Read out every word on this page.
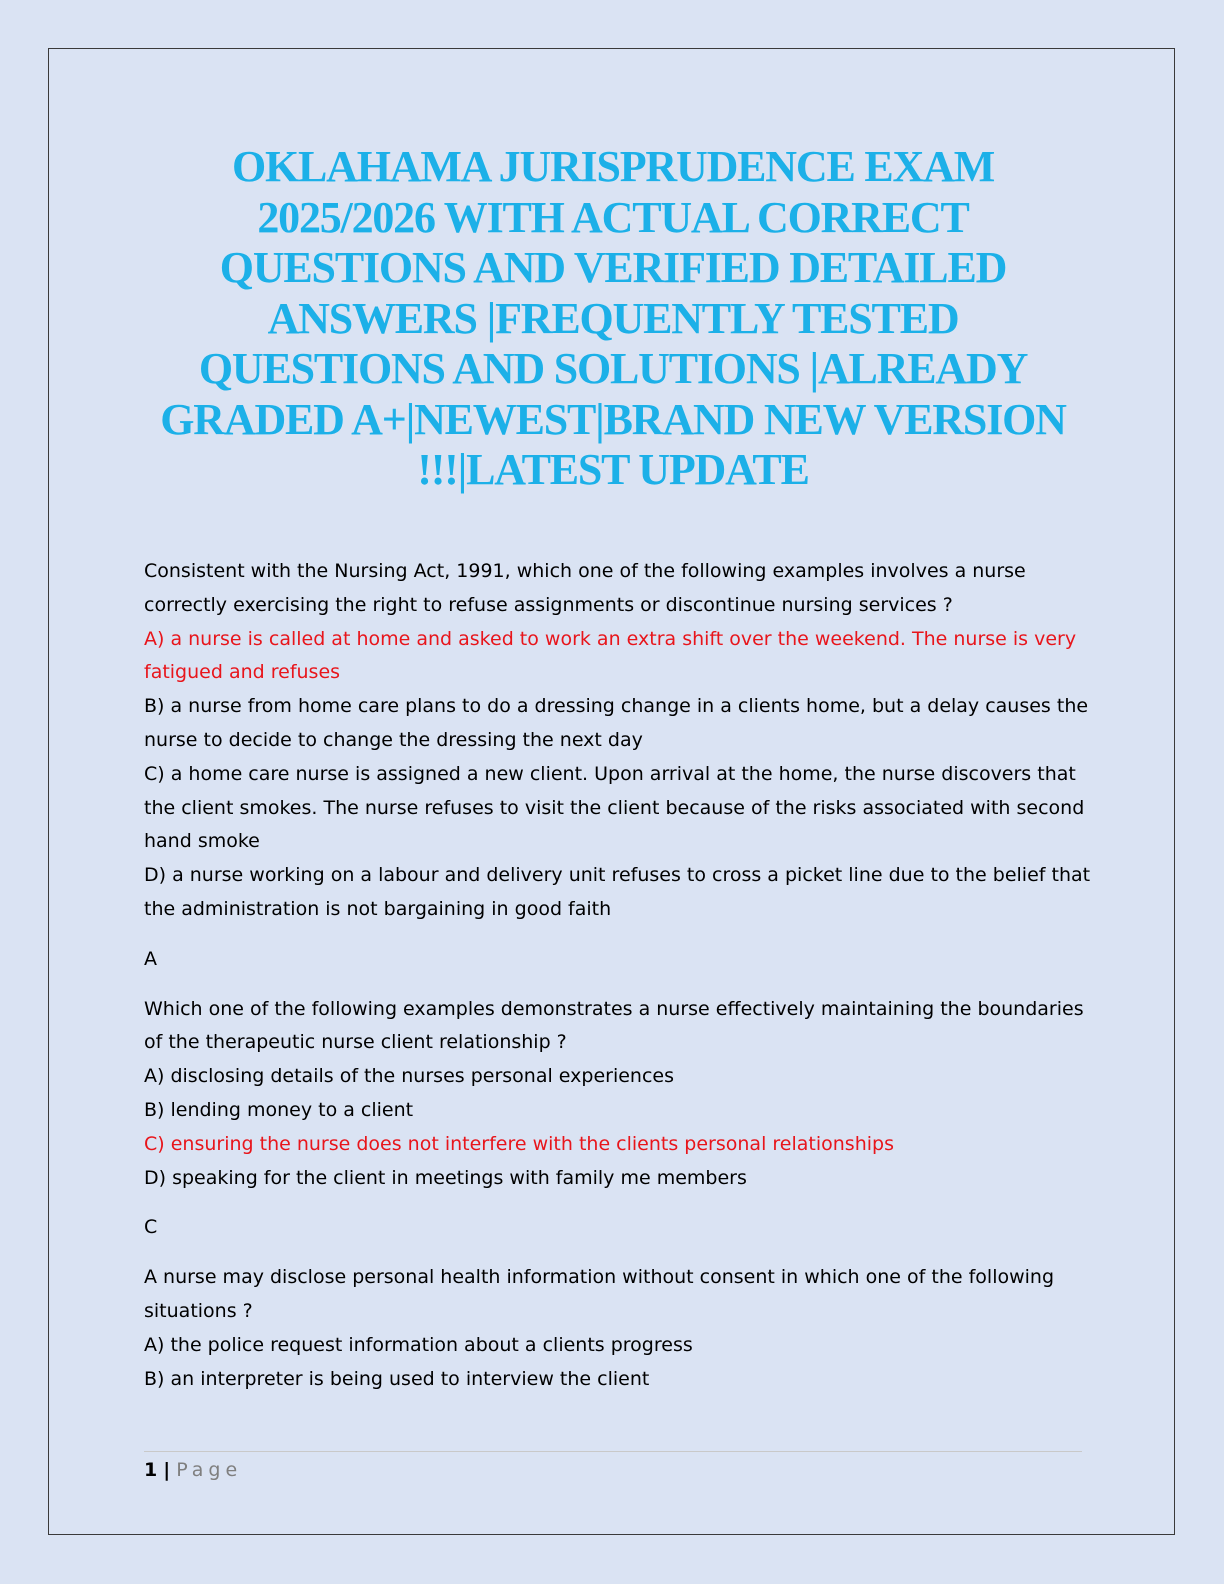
OKLAHAMA JURISPRUDENCE EXAM 2025/2026 WITH ACTUAL CORRECT QUESTIONS AND VERIFIED DETAILED ANSWERS |FREQUENTLY TESTED QUESTIONS AND SOLUTIONS |ALREADY GRADED A+|NEWEST|BRAND NEW VERSION !!!|LATEST UPDATE

Consistent with the Nursing Act, 1991, which one of the following examples involves a nurse correctly exercising the right to refuse assignments or discontinue nursing services ?

A) a nurse is called at home and asked to work an extra shift over the weekend. The nurse is very fatigued and refuses

B) a nurse from home care plans to do a dressing change in a clients home, but a delay causes the nurse to decide to change the dressing the next day

C) a home care nurse is assigned a new client. Upon arrival at the home, the nurse discovers that the client smokes. The nurse refuses to visit the client because of the risks associated with second hand smoke

D) a nurse working on a labour and delivery unit refuses to cross a picket line due to the belief that the administration is not bargaining in good faith

A

Which one of the following examples demonstrates a nurse effectively maintaining the boundaries of the therapeutic nurse client relationship ?

A) disclosing details of the nurses personal experiences

B) lending money to a client

C) ensuring the nurse does not interfere with the clients personal relationships

D) speaking for the client in meetings with family me members

C

A nurse may disclose personal health information without consent in which one of the following situations ?

A) the police request information about a clients progress

B) an interpreter is being used to interview the client

1 | Page
